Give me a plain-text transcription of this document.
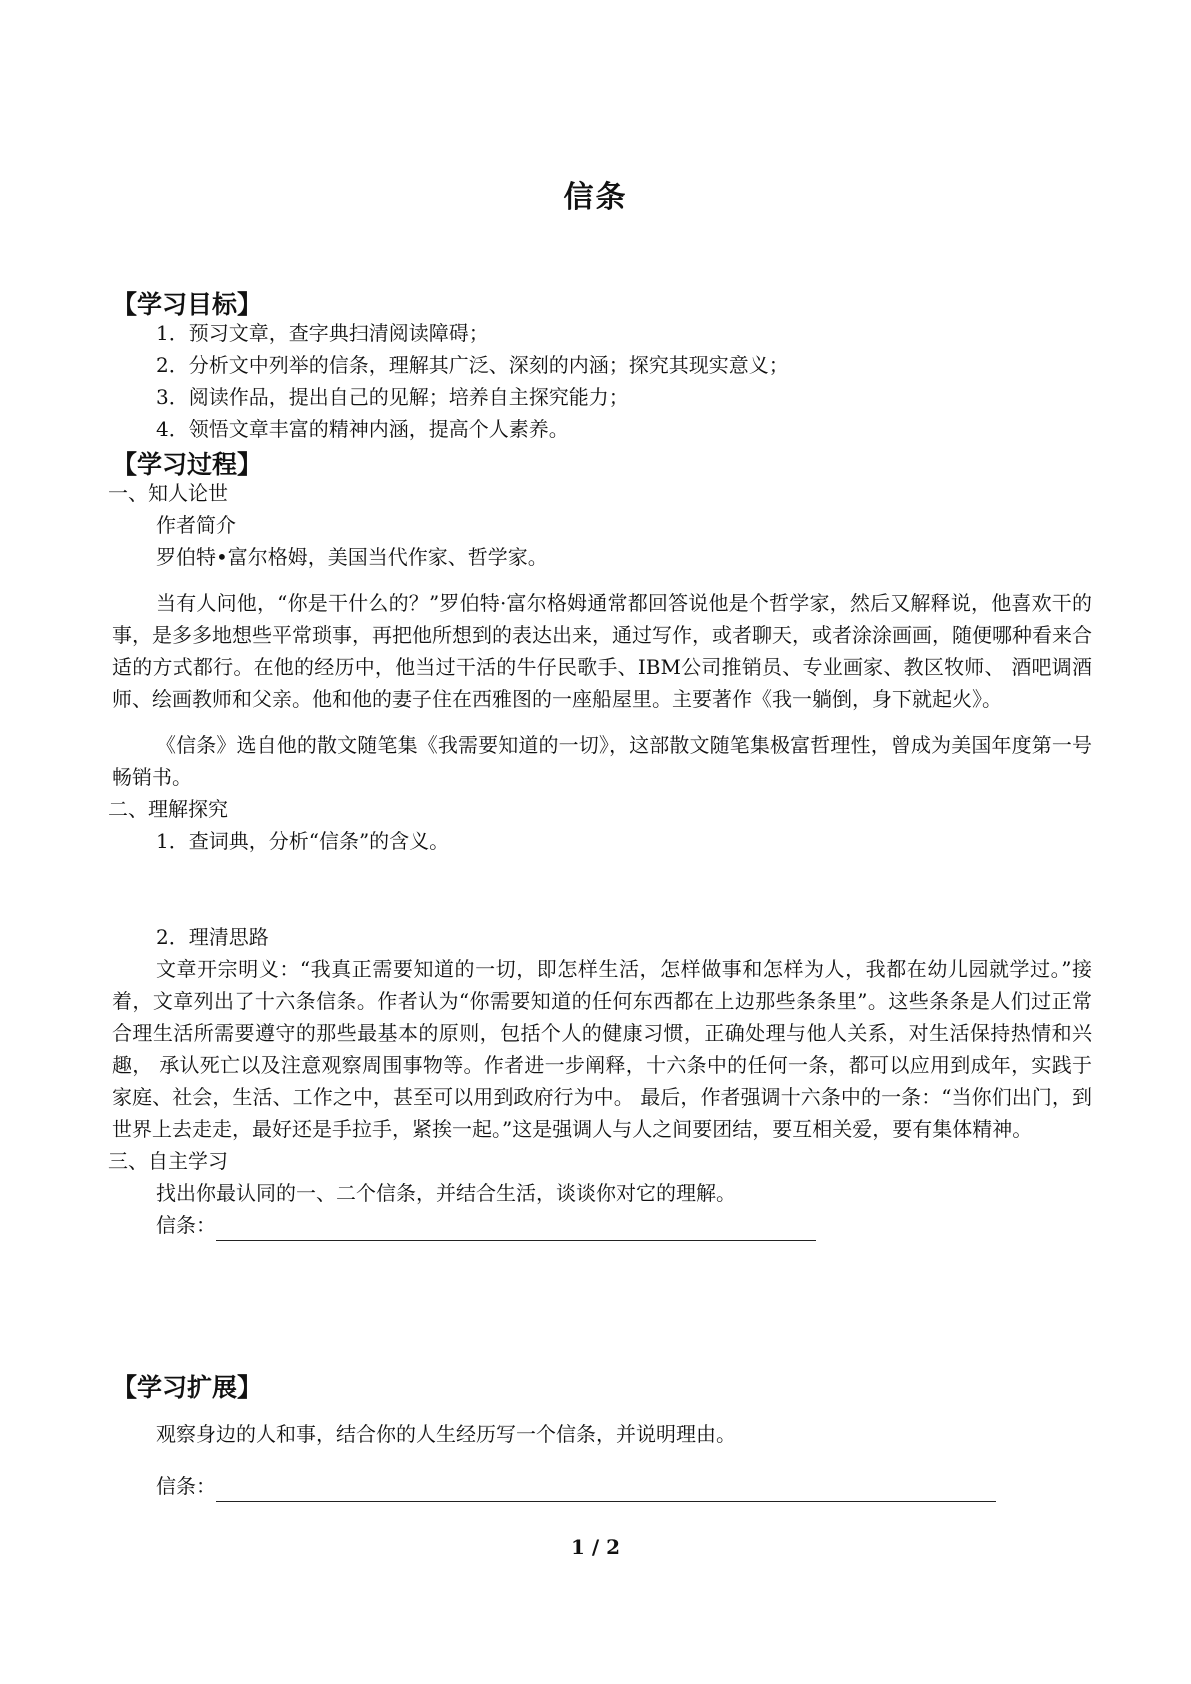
信条
【学习目标】
1．预习文章，查字典扫清阅读障碍；
2．分析文中列举的信条，理解其广泛、深刻的内涵；探究其现实意义；
3．阅读作品，提出自己的见解；培养自主探究能力；
4．领悟文章丰富的精神内涵，提高个人素养。
【学习过程】
一、知人论世
作者简介
罗伯特•富尔格姆，美国当代作家、哲学家。
当有人问他，“你是干什么的？”罗伯特·富尔格姆通常都回答说他是个哲学家，然后又解释说，他喜欢干的事，是多多地想些平常琐事，再把他所想到的表达出来，通过写作，或者聊天，或者涂涂画画，随便哪种看来合适的方式都行。在他的经历中，他当过干活的牛仔民歌手、IBM公司推销员、专业画家、教区牧师、 酒吧调酒师、绘画教师和父亲。他和他的妻子住在西雅图的一座船屋里。主要著作《我一躺倒，身下就起火》。
《信条》选自他的散文随笔集《我需要知道的一切》，这部散文随笔集极富哲理性，曾成为美国年度第一号畅销书。
二、理解探究
1．查词典，分析“信条”的含义。
2．理清思路
文章开宗明义：“我真正需要知道的一切，即怎样生活，怎样做事和怎样为人，我都在幼儿园就学过。”接着，文章列出了十六条信条。作者认为“你需要知道的任何东西都在上边那些条条里”。这些条条是人们过正常合理生活所需要遵守的那些最基本的原则，包括个人的健康习惯，正确处理与他人关系，对生活保持热情和兴趣， 承认死亡以及注意观察周围事物等。作者进一步阐释，十六条中的任何一条，都可以应用到成年，实践于家庭、社会，生活、工作之中，甚至可以用到政府行为中。 最后，作者强调十六条中的一条：“当你们出门，到世界上去走走，最好还是手拉手，紧挨一起。”这是强调人与人之间要团结，要互相关爱，要有集体精神。
三、自主学习
找出你最认同的一、二个信条，并结合生活，谈谈你对它的理解。
信条：
【学习扩展】
观察身边的人和事，结合你的人生经历写一个信条，并说明理由。
信条：
1 / 2
